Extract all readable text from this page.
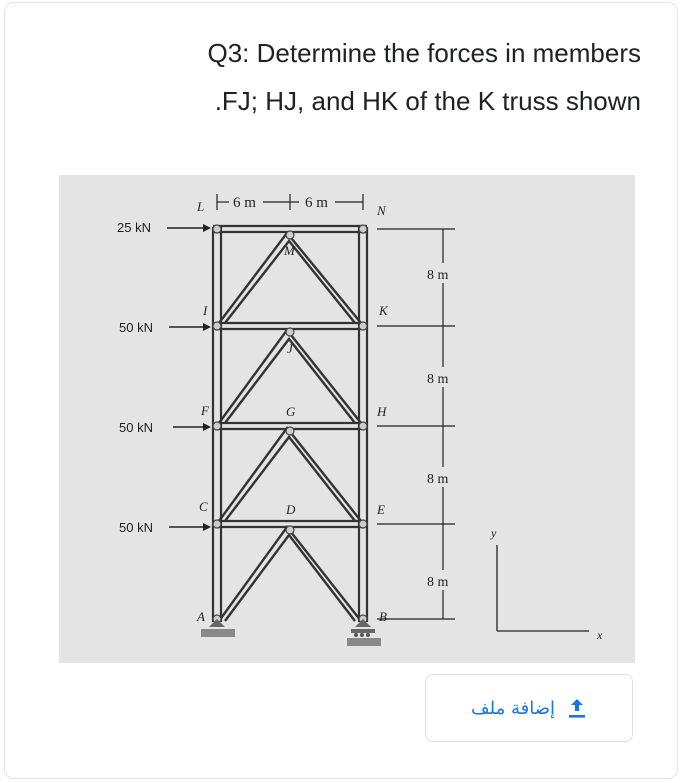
Q3: Determine the forces in members
.FJ; HJ, and HK of the K truss shown
25 kN
50 kN
50 kN
50 kN
6 m	6 m
8 m
8 m
8 m
8 m
L	N
M
I	K
J
F	G	H
C	D	E
A	B
y
x
إضافة ملف
